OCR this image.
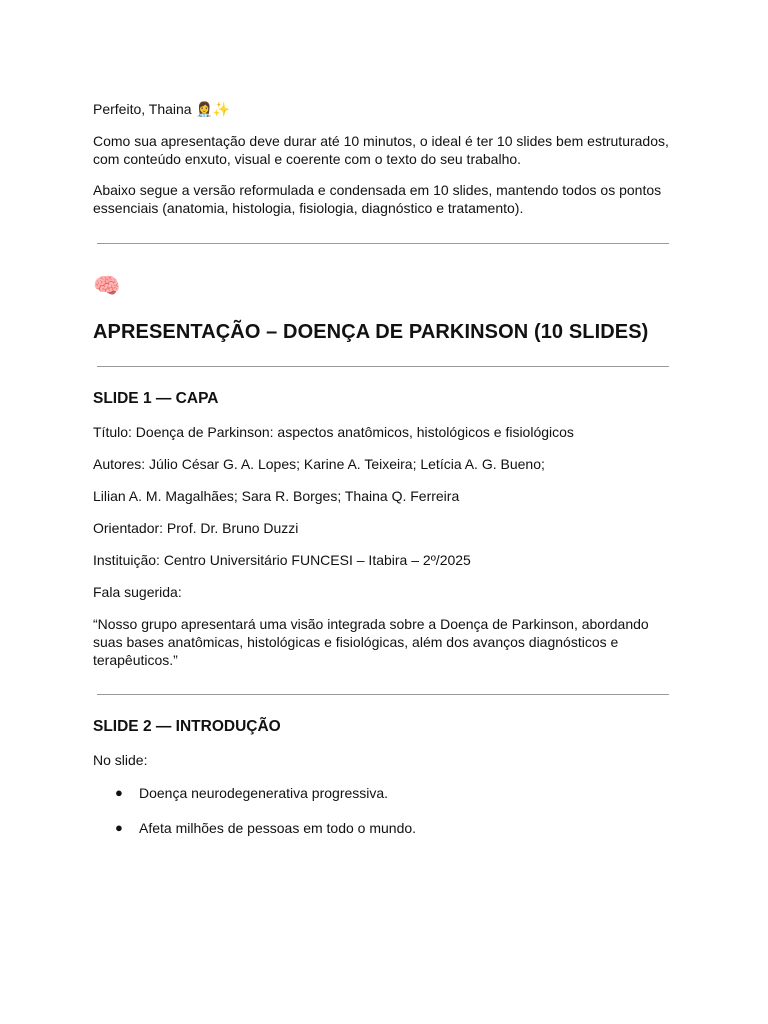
Perfeito, Thaina 👩‍⚕️✨

Como sua apresentação deve durar até 10 minutos, o ideal é ter 10 slides bem estruturados, com conteúdo enxuto, visual e coerente com o texto do seu trabalho.

Abaixo segue a versão reformulada e condensada em 10 slides, mantendo todos os pontos essenciais (anatomia, histologia, fisiologia, diagnóstico e tratamento).

🧠
APRESENTAÇÃO – DOENÇA DE PARKINSON (10 SLIDES)
SLIDE 1 — CAPA

Título: Doença de Parkinson: aspectos anatômicos, histológicos e fisiológicos

Autores: Júlio César G. A. Lopes; Karine A. Teixeira; Letícia A. G. Bueno;

Lilian A. M. Magalhães; Sara R. Borges; Thaina Q. Ferreira

Orientador: Prof. Dr. Bruno Duzzi

Instituição: Centro Universitário FUNCESI – Itabira – 2º/2025

Fala sugerida:

“Nosso grupo apresentará uma visão integrada sobre a Doença de Parkinson, abordando suas bases anatômicas, histológicas e fisiológicas, além dos avanços diagnósticos e terapêuticos.”

SLIDE 2 — INTRODUÇÃO

No slide:

● Doença neurodegenerativa progressiva.
● Afeta milhões de pessoas em todo o mundo.
